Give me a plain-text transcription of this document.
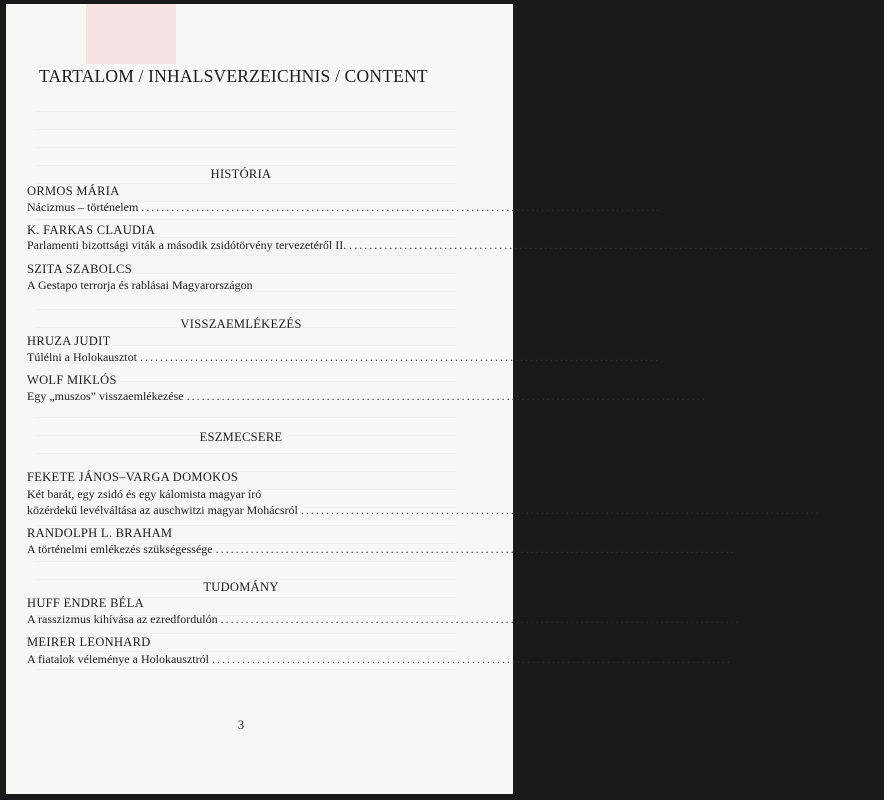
TARTALOM / INHALSVERZEICHNIS / CONTENT
HISTÓRIA
ORMOS MÁRIA
Nácizmus – történelem ........................................................................................................ 7
K. FARKAS CLAUDIA
Parlamenti bizottsági viták a második zsidótörvény tervezetéről II. ........................................................................................................ 18
SZITA SZABOLCS
A Gestapo terrorja és rablásai Magyarországon	38
VISSZAEMLÉKEZÉS
HRUZA JUDIT
Túlélni a Holokausztot ........................................................................................................ 70
WOLF MIKLÓS
Egy „muszos” visszaemlékezése ........................................................................................................ 86
ESZMECSERE
FEKETE JÁNOS–VARGA DOMOKOS
Két barát, egy zsidó és egy kálomista magyar író
közérdekű levélváltása az auschwitzi magyar Mohácsról ........................................................................................................ 94
RANDOLPH L. BRAHAM
A történelmi emlékezés szükségessége ........................................................................................................ 103
TUDOMÁNY
HUFF ENDRE BÉLA
A rasszizmus kihívása az ezredfordulón ........................................................................................................ 108
MEIRER LEONHARD
A fiatalok véleménye a Holokausztról ........................................................................................................ 120
3
